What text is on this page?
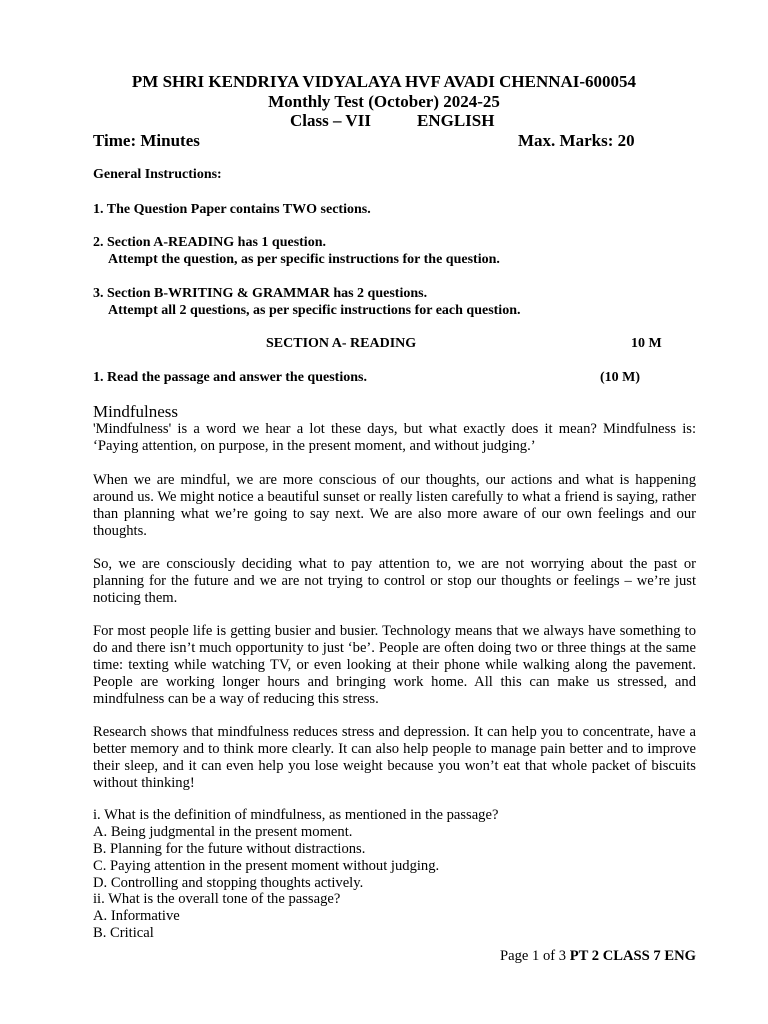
PM SHRI KENDRIYA VIDYALAYA HVF AVADI CHENNAI-600054
Monthly Test (October) 2024-25
Class – VII	ENGLISH
Time: Minutes	Max. Marks: 20
General Instructions:
1. The Question Paper contains TWO sections.
2. Section A-READING has 1 question.
Attempt the question, as per specific instructions for the question.
3. Section B-WRITING & GRAMMAR has 2 questions.
Attempt all 2 questions, as per specific instructions for each question.
SECTION A- READING	10 M
1. Read the passage and answer the questions.	(10 M)
Mindfulness
'Mindfulness' is a word we hear a lot these days, but what exactly does it mean? Mindfulness is: ‘Paying attention, on purpose, in the present moment, and without judging.’
When we are mindful, we are more conscious of our thoughts, our actions and what is happening around us. We might notice a beautiful sunset or really listen carefully to what a friend is saying, rather than planning what we’re going to say next. We are also more aware of our own feelings and our thoughts.
So, we are consciously deciding what to pay attention to, we are not worrying about the past or planning for the future and we are not trying to control or stop our thoughts or feelings – we’re just noticing them.
For most people life is getting busier and busier. Technology means that we always have something to do and there isn’t much opportunity to just ‘be’. People are often doing two or three things at the same time: texting while watching TV, or even looking at their phone while walking along the pavement. People are working longer hours and bringing work home. All this can make us stressed, and mindfulness can be a way of reducing this stress.
Research shows that mindfulness reduces stress and depression. It can help you to concentrate, have a better memory and to think more clearly. It can also help people to manage pain better and to improve their sleep, and it can even help you lose weight because you won’t eat that whole packet of biscuits without thinking!
i. What is the definition of mindfulness, as mentioned in the passage?
A. Being judgmental in the present moment.
B. Planning for the future without distractions.
C. Paying attention in the present moment without judging.
D. Controlling and stopping thoughts actively.
ii. What is the overall tone of the passage?
A. Informative
B. Critical
Page 1 of 3 PT 2 CLASS 7 ENG
